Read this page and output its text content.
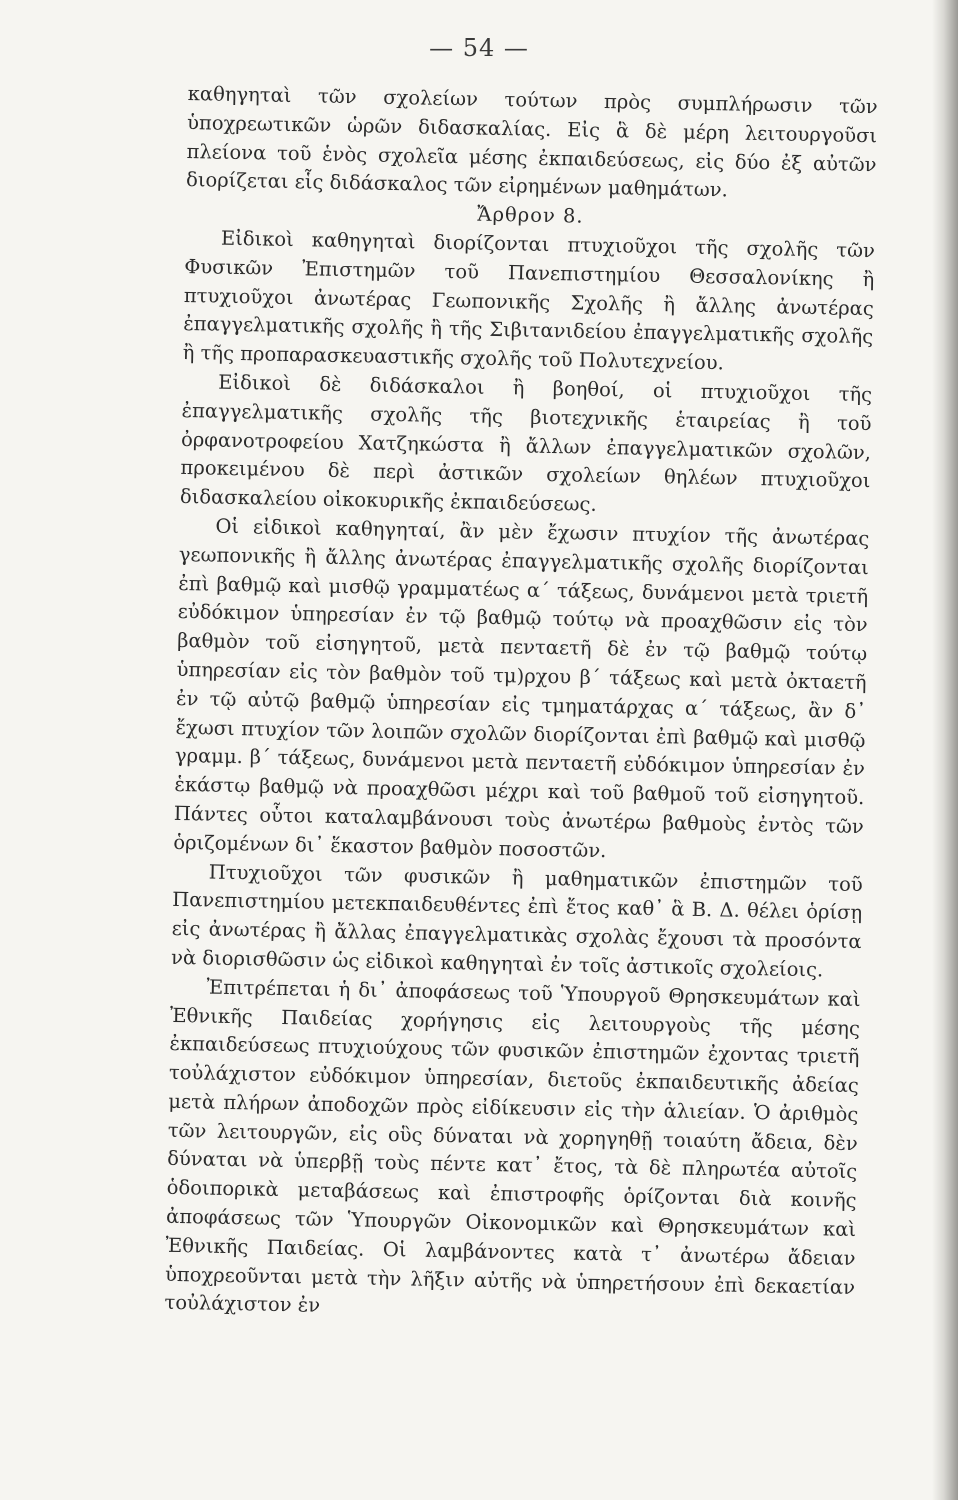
— 54 —

καθηγηταὶ τῶν σχολείων τούτων πρὸς συμπλήρωσιν τῶν ὑποχρεωτικῶν ὡρῶν διδασκαλίας. Εἰς ἃ δὲ μέρη λειτουργοῦσι πλείονα τοῦ ἑνὸς σχολεῖα μέσης ἐκπαιδεύσεως, εἰς δύο ἐξ αὐτῶν διορίζεται εἷς διδάσκαλος τῶν εἰρημένων μαθημάτων.

Ἄρθρον 8.

Εἰδικοὶ καθηγηταὶ διορίζονται πτυχιοῦχοι τῆς σχολῆς τῶν Φυσικῶν Ἐπιστημῶν τοῦ Πανεπιστημίου Θεσσαλονίκης ἢ πτυχιοῦχοι ἀνωτέρας Γεωπονικῆς Σχολῆς ἢ ἄλλης ἀνωτέρας ἐπαγγελματικῆς σχολῆς ἢ τῆς Σιβιτανιδείου ἐπαγγελματικῆς σχολῆς ἢ τῆς προπαρασκευαστικῆς σχολῆς τοῦ Πολυτεχνείου.

Εἰδικοὶ δὲ διδάσκαλοι ἢ βοηθοί, οἱ πτυχιοῦχοι τῆς ἐπαγγελματικῆς σχολῆς τῆς βιοτεχνικῆς ἑταιρείας ἢ τοῦ ὀρφανοτροφείου Χατζηκώστα ἢ ἄλλων ἐπαγγελματικῶν σχολῶν, προκειμένου δὲ περὶ ἀστικῶν σχολείων θηλέων πτυχιοῦχοι διδασκαλείου οἰκοκυρικῆς ἐκπαιδεύσεως.

Οἱ εἰδικοὶ καθηγηταί, ἂν μὲν ἔχωσιν πτυχίον τῆς ἀνωτέρας γεωπονικῆς ἢ ἄλλης ἀνωτέρας ἐπαγγελματικῆς σχολῆς διορίζονται ἐπὶ βαθμῷ καὶ μισθῷ γραμματέως α΄ τάξεως, δυνάμενοι μετὰ τριετῆ εὐδόκιμον ὑπηρεσίαν ἐν τῷ βαθμῷ τούτῳ νὰ προαχθῶσιν εἰς τὸν βαθμὸν τοῦ εἰσηγητοῦ, μετὰ πενταετῆ δὲ ἐν τῷ βαθμῷ τούτῳ ὑπηρεσίαν εἰς τὸν βαθμὸν τοῦ τμ)ρχου β΄ τάξεως καὶ μετὰ ὀκταετῆ ἐν τῷ αὐτῷ βαθμῷ ὑπηρεσίαν εἰς τμηματάρχας α΄ τάξεως, ἂν δ᾽ ἔχωσι πτυχίον τῶν λοιπῶν σχολῶν διορίζονται ἐπὶ βαθμῷ καὶ μισθῷ γραμμ. β΄ τάξεως, δυνάμενοι μετὰ πενταετῆ εὐδόκιμον ὑπηρεσίαν ἐν ἑκάστῳ βαθμῷ νὰ προαχθῶσι μέχρι καὶ τοῦ βαθμοῦ τοῦ εἰσηγητοῦ. Πάντες οὗτοι καταλαμβάνουσι τοὺς ἀνωτέρω βαθμοὺς ἐντὸς τῶν ὁριζομένων δι᾽ ἕκαστον βαθμὸν ποσοστῶν.

Πτυχιοῦχοι τῶν φυσικῶν ἢ μαθηματικῶν ἐπιστημῶν τοῦ Πανεπιστημίου μετεκπαιδευθέντες ἐπὶ ἔτος καθ᾽ ἃ Β. Δ. θέλει ὁρίσῃ εἰς ἀνωτέρας ἢ ἄλλας ἐπαγγελματικὰς σχολὰς ἔχουσι τὰ προσόντα νὰ διορισθῶσιν ὡς εἰδικοὶ καθηγηταὶ ἐν τοῖς ἀστικοῖς σχολείοις.

Ἐπιτρέπεται ἡ δι᾽ ἀποφάσεως τοῦ Ὑπουργοῦ Θρησκευμάτων καὶ Ἐθνικῆς Παιδείας χορήγησις εἰς λειτουργοὺς τῆς μέσης ἐκπαιδεύσεως πτυχιούχους τῶν φυσικῶν ἐπιστημῶν ἐχοντας τριετῆ τοὐλάχιστον εὐδόκιμον ὑπηρεσίαν, διετοῦς ἐκπαιδευτικῆς ἀδείας μετὰ πλήρων ἀποδοχῶν πρὸς εἰδίκευσιν εἰς τὴν ἁλιείαν. Ὁ ἀριθμὸς τῶν λειτουργῶν, εἰς οὓς δύναται νὰ χορηγηθῇ τοιαύτη ἄδεια, δὲν δύναται νὰ ὑπερβῇ τοὺς πέντε κατ᾽ ἔτος, τὰ δὲ πληρωτέα αὐτοῖς ὁδοιπορικὰ μεταβάσεως καὶ ἐπιστροφῆς ὁρίζονται διὰ κοινῆς ἀποφάσεως τῶν Ὑπουργῶν Οἰκονομικῶν καὶ Θρησκευμάτων καὶ Ἐθνικῆς Παιδείας. Οἱ λαμβάνοντες κατὰ τ᾽ ἀνωτέρω ἄδειαν ὑποχρεοῦνται μετὰ τὴν λῆξιν αὐτῆς νὰ ὑπηρετήσουν ἐπὶ δεκαετίαν τοὐλάχιστον ἐν
